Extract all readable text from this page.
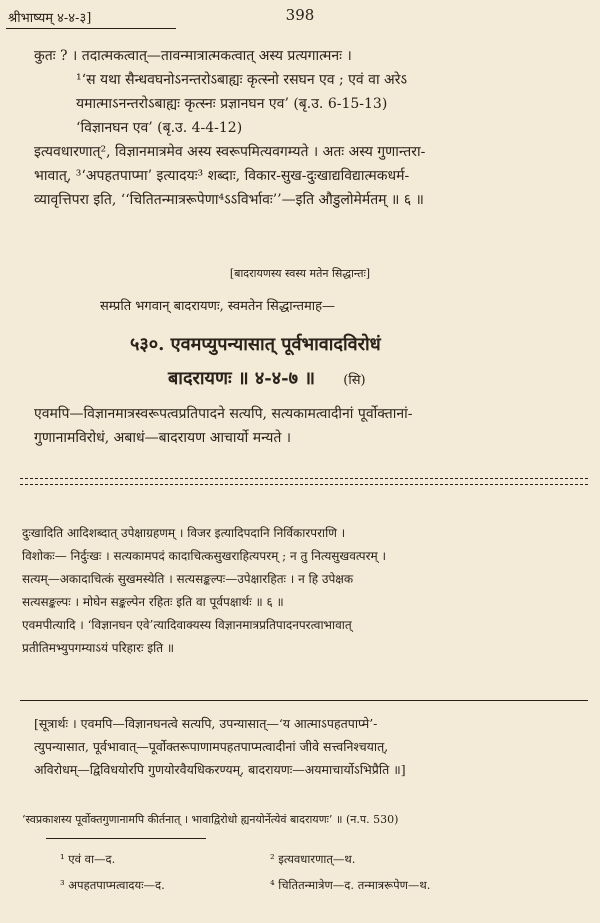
श्रीभाष्यम् ४-४-३]	398
कुतः ? । तदात्मकत्वात्—तावन्मात्रात्मकत्वात् अस्य प्रत्यगात्मनः ।
¹‘स यथा सैन्धवघनोऽनन्तरोऽबाह्यः कृत्स्नो रसघन एव ; एवं वा अरेऽ
यमात्माऽनन्तरोऽबाह्यः कृत्स्नः प्रज्ञानघन एव’ (बृ.उ. 6-15-13)
‘विज्ञानघन एव’ (बृ.उ. 4-4-12)
इत्यवधारणात्², विज्ञानमात्रमेव अस्य स्वरूपमित्यवगम्यते । अतः अस्य गुणान्तरा-
भावात्, ³‘अपहतपाप्मा’ इत्यादयः³ शब्दाः, विकार-सुख-दुःखाद्यविद्यात्मकधर्म-
व्यावृत्तिपरा इति, ‘‘चितितन्मात्ररूपेणा⁴ऽऽविर्भावः’’—इति औडुलोमेर्मतम् ॥ ६ ॥
[बादरायणस्य स्वस्य मतेन सिद्धान्तः]
सम्प्रति भगवान् बादरायणः, स्वमतेन सिद्धान्तमाह—
५३०. एवमप्युपन्यासात् पूर्वभावादविरोधं
बादरायणः ॥ ४-४-७ ॥ (सि)
एवमपि—विज्ञानमात्रस्वरूपत्वप्रतिपादने सत्यपि, सत्यकामत्वादीनां पूर्वोक्तानां-
गुणानामविरोधं, अबाधं—बादरायण आचार्यो मन्यते ।
दुःखादिति आदिशब्दात् उपेक्षाग्रहणम् । विजर इत्यादिपदानि निर्विकारपराणि ।
विशोकः— निर्दुःखः । सत्यकामपदं कादाचित्कसुखराहित्यपरम् ; न तु नित्यसुखवत्परम् ।
सत्यम्—अकादाचित्कं सुखमस्येति । सत्यसङ्कल्पः—उपेक्षारहितः । न हि उपेक्षक
सत्यसङ्कल्पः । मोघेन सङ्कल्पेन रहितः इति वा पूर्वपक्षार्थः ॥ ६ ॥
एवमपीत्यादि । ‘विज्ञानघन एवे’त्यादिवाक्यस्य विज्ञानमात्रप्रतिपादनपरत्वाभावात्
प्रतीतिमभ्युपगम्याऽयं परिहारः इति ॥
[सूत्रार्थः । एवमपि—विज्ञानघनत्वे सत्यपि, उपन्यासात्—‘य आत्माऽपहतपाप्मे’-
त्युपन्यासात, पूर्वभावात्—पूर्वोक्तरूपाणामपहतपाप्मत्वादीनां जीवे सत्त्वनिश्चयात्,
अविरोधम्—द्विविधयोरपि गुणयोरवैयधिकरण्यम्, बादरायणः—अयमाचार्योऽभिप्रैति ॥]
‘स्वप्रकाशस्य पूर्वोक्तगुणानामपि कीर्तनात् । भावाद्विरोधो ह्यनयोर्नेत्येवं बादरायणः’ ॥ (न.प. 530)
¹ एवं वा—द.	² इत्यवधारणात्—थ.
³ अपहतपाप्मत्वादयः—द.	⁴ चितितन्मात्रेण—द. तन्मात्ररूपेण—थ.
